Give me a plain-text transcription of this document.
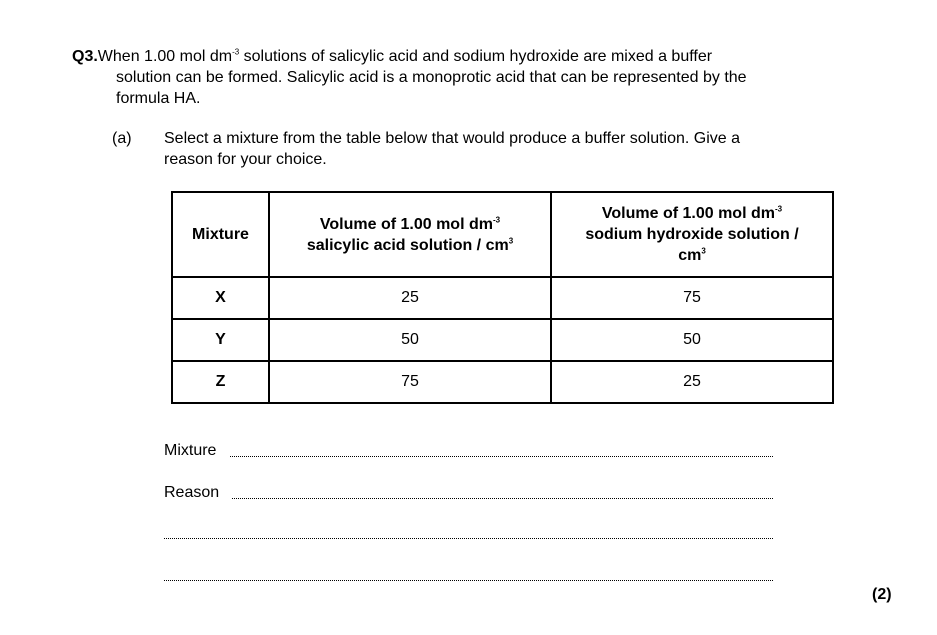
Q3.When 1.00 mol $dm^{-3}$ solutions of salicylic acid and sodium hydroxide are mixed a buffer
solution can be formed. Salicylic acid is a monoprotic acid that can be represented by the
formula HA.
(a) Select a mixture from the table below that would produce a buffer solution. Give a
reason for your choice.
Mixture	Volume of 1.00 mol $dm^{-3}$
salicylic acid solution / $cm^3$	Volume of 1.00 mol $dm^{-3}$
sodium hydroxide solution /
$cm^3$
X	25	75
Y	50	50
Z	75	25
Mixture
Reason
(2)
